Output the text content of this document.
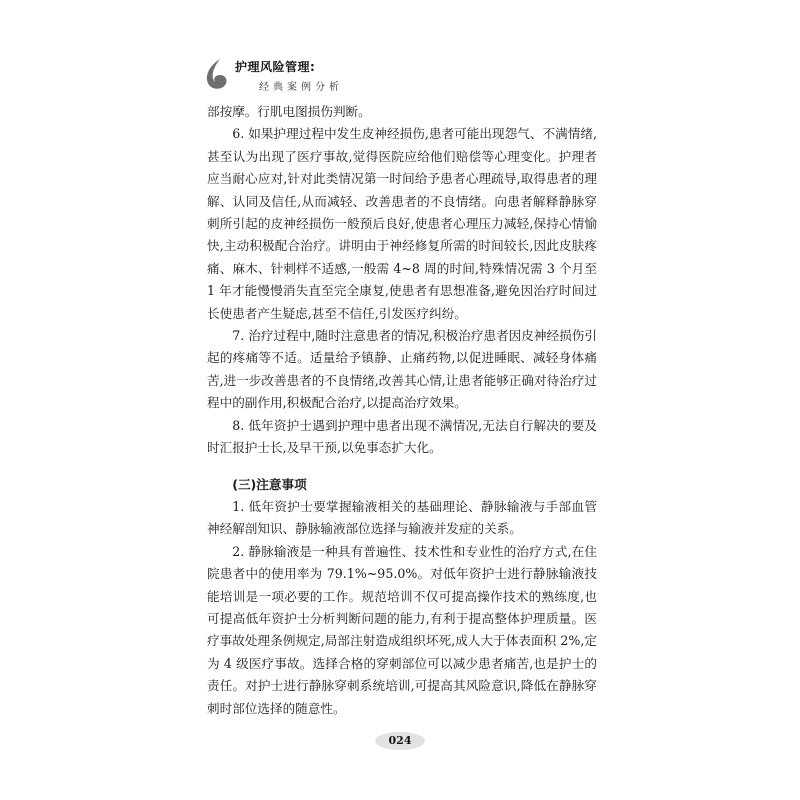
护理风险管理:
经典案例分析

部按摩。行肌电图损伤判断。

6. 如果护理过程中发生皮神经损伤,患者可能出现怨气、不满情绪,甚至认为出现了医疗事故,觉得医院应给他们赔偿等心理变化。护理者应当耐心应对,针对此类情况第一时间给予患者心理疏导,取得患者的理解、认同及信任,从而减轻、改善患者的不良情绪。向患者解释静脉穿刺所引起的皮神经损伤一般预后良好,使患者心理压力减轻,保持心情愉快,主动积极配合治疗。讲明由于神经修复所需的时间较长,因此皮肤疼痛、麻木、针刺样不适感,一般需 4~8 周的时间,特殊情况需 3 个月至 1 年才能慢慢消失直至完全康复,使患者有思想准备,避免因治疗时间过长使患者产生疑虑,甚至不信任,引发医疗纠纷。

7. 治疗过程中,随时注意患者的情况,积极治疗患者因皮神经损伤引起的疼痛等不适。适量给予镇静、止痛药物,以促进睡眠、减轻身体痛苦,进一步改善患者的不良情绪,改善其心情,让患者能够正确对待治疗过程中的副作用,积极配合治疗,以提高治疗效果。

8. 低年资护士遇到护理中患者出现不满情况,无法自行解决的要及时汇报护士长,及早干预,以免事态扩大化。

(三)注意事项

1. 低年资护士要掌握输液相关的基础理论、静脉输液与手部血管神经解剖知识、静脉输液部位选择与输液并发症的关系。

2. 静脉输液是一种具有普遍性、技术性和专业性的治疗方式,在住院患者中的使用率为 79.1%~95.0%。对低年资护士进行静脉输液技能培训是一项必要的工作。规范培训不仅可提高操作技术的熟练度,也可提高低年资护士分析判断问题的能力,有利于提高整体护理质量。医疗事故处理条例规定,局部注射造成组织坏死,成人大于体表面积 2%,定为 4 级医疗事故。选择合格的穿刺部位可以减少患者痛苦,也是护士的责任。对护士进行静脉穿刺系统培训,可提高其风险意识,降低在静脉穿刺时部位选择的随意性。

024
